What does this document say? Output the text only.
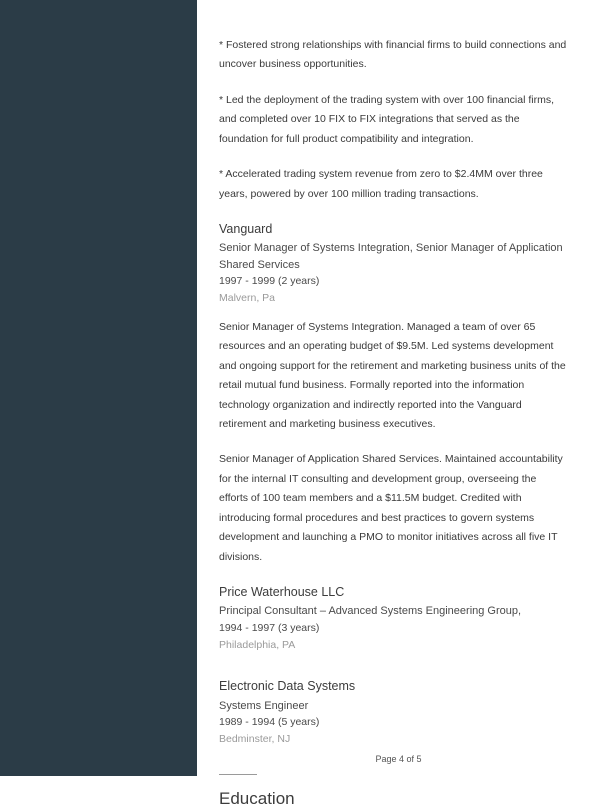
* Fostered strong relationships with financial firms to build connections and uncover business opportunities.

* Led the deployment of the trading system with over 100 financial firms, and completed over 10 FIX to FIX integrations that served as the foundation for full product compatibility and integration.

* Accelerated trading system revenue from zero to $2.4MM over three years, powered by over 100 million trading transactions.

Vanguard
Senior Manager of Systems Integration, Senior Manager of Application Shared Services
1997 - 1999 (2 years)
Malvern, Pa

Senior Manager of Systems Integration. Managed a team of over 65 resources and an operating budget of $9.5M. Led systems development and ongoing support for the retirement and marketing business units of the retail mutual fund business. Formally reported into the information technology organization and indirectly reported into the Vanguard retirement and marketing business executives.

Senior Manager of Application Shared Services. Maintained accountability for the internal IT consulting and development group, overseeing the efforts of 100 team members and a $11.5M budget. Credited with introducing formal procedures and best practices to govern systems development and launching a PMO to monitor initiatives across all five IT divisions.

Price Waterhouse LLC
Principal Consultant – Advanced Systems Engineering Group,
1994 - 1997 (3 years)
Philadelphia, PA
Electronic Data Systems
Systems Engineer
1989 - 1994 (5 years)
Bedminster, NJ
Education
Page 4 of 5
